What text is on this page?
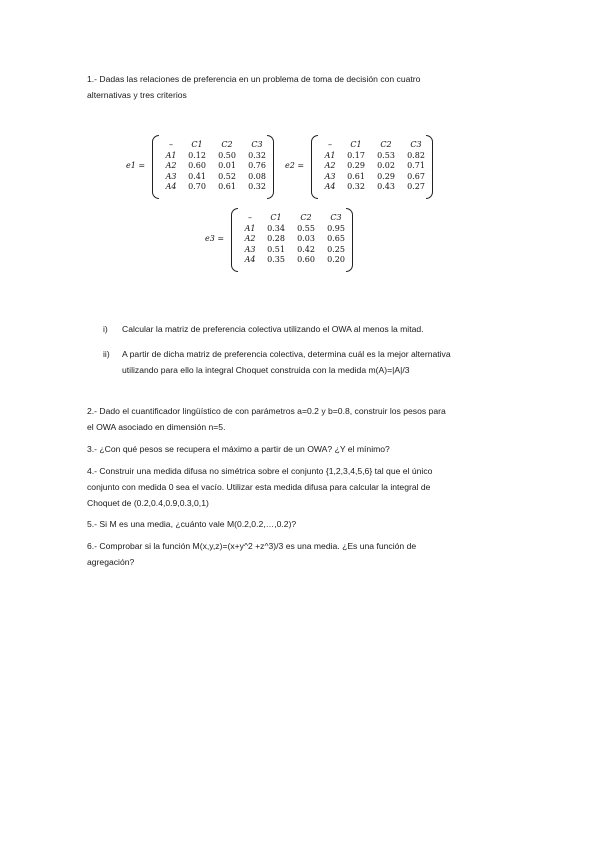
1.- Dadas las relaciones de preferencia en un problema de toma de decisión con cuatro
alternativas y tres criterios
e1 =
–	C1	C2	C3
A1	0.12	0.50	0.32
A2	0.60	0.01	0.76
A3	0.41	0.52	0.08
A4	0.70	0.61	0.32
e2 =
–	C1	C2	C3
A1	0.17	0.53	0.82
A2	0.29	0.02	0.71
A3	0.61	0.29	0.67
A4	0.32	0.43	0.27
e3 =
–	C1	C2	C3
A1	0.34	0.55	0.95
A2	0.28	0.03	0.65
A3	0.51	0.42	0.25
A4	0.35	0.60	0.20
i) Calcular la matriz de preferencia colectiva utilizando el OWA al menos la mitad.
ii) A partir de dicha matriz de preferencia colectiva, determina cuál es la mejor alternativa
utilizando para ello la integral Choquet construida con la medida m(A)=|A|/3
2.- Dado el cuantificador lingüístico de con parámetros a=0.2 y b=0.8, construir los pesos para
el OWA asociado en dimensión n=5.
3.- ¿Con qué pesos se recupera el máximo a partir de un OWA? ¿Y el mínimo?
4.- Construir una medida difusa no simétrica sobre el conjunto {1,2,3,4,5,6} tal que el único
conjunto con medida 0 sea el vacío. Utilizar esta medida difusa para calcular la integral de
Choquet de (0.2,0.4,0.9,0.3,0,1)
5.- Si M es una media, ¿cuánto vale M(0.2,0.2,…,0.2)?
6.- Comprobar si la función M(x,y,z)=(x+y^2 +z^3)/3 es una media. ¿Es una función de
agregación?
